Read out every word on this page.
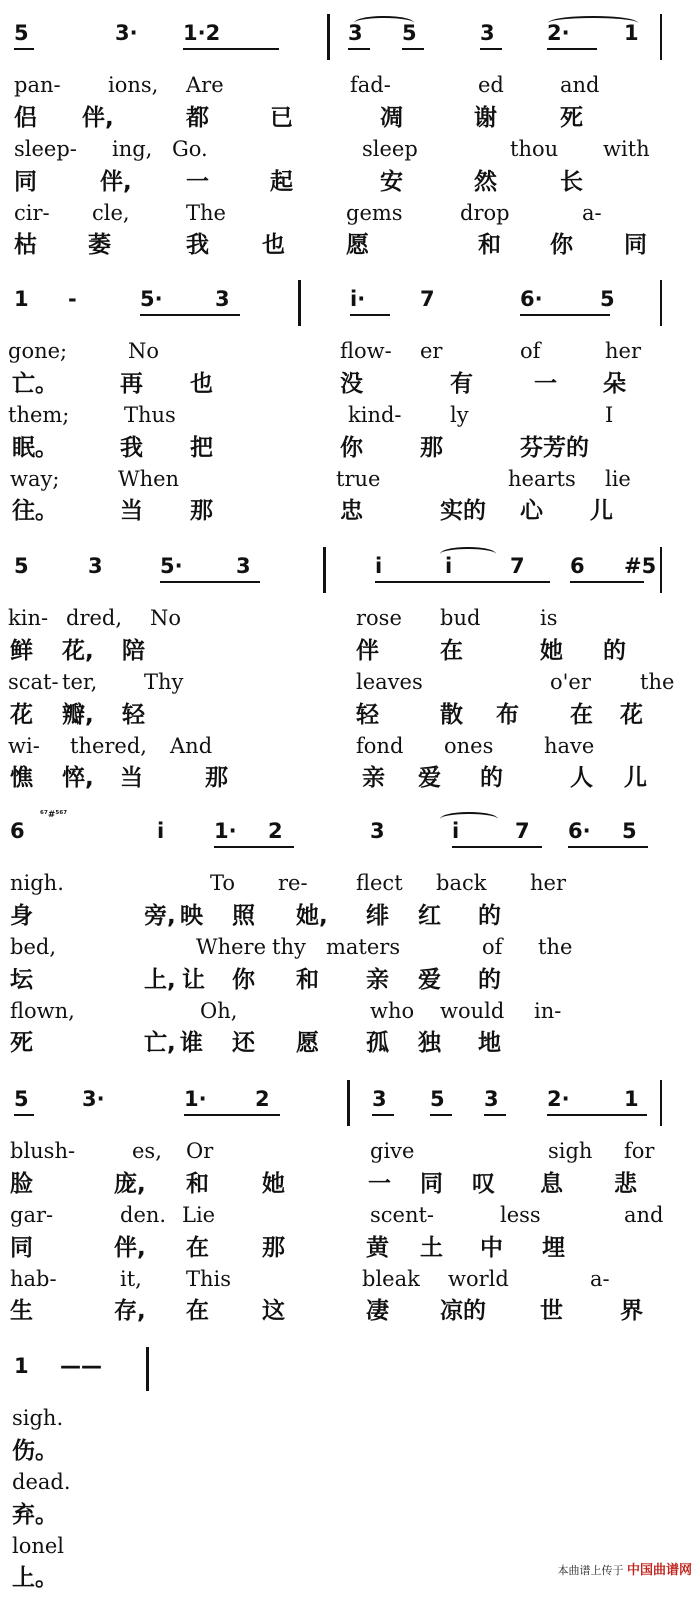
5	3· 1·2	3 5	3 2·	1
pan- ions, Are	fad-	ed	and
侣 伴,	都	已	凋	谢	死
sleep- ing, Go.	sleep	thou with
同	伴, 一	起	安	然	长
cir- cle,	The	gems	drop	a-
枯 萎	我 也	愿	和 你 同
1 -	5· 3	i·	7	6·	5
gone;	No	flow- er	of	her
亡。	再 也	没	有	一 朵
them;	Thus	kind- ly	I
眠。	我 把	你 那	芬芳的
way;	When	true	hearts lie
往。	当 那	忠	实的 心 儿
5	3	5·	3	i	i	7 6 #5
kin- dred, No	rose bud	is
鲜 花, 陪	伴	在	她 的
scat- ter, Thy	leaves	o'er the
花 瓣, 轻	轻	散 布 在 花
wi- thered, And	fond ones have
憔 悴, 当	那	亲 爱 的	人 儿
6	i 1· 2	3	i	7 6· 5
⁶⁷#⁵⁶⁷
nigh.	To re- flect back her
身	旁, 映 照 她, 绯 红 的
bed,	Where thy maters	of the
坛	上, 让 你 和 亲 爱 的
flown,	Oh,	who would in-
死	亡, 谁 还 愿 孤 独 地
5	3·	1· 2	3 5 3 2·	1
blush-	es, Or	give	sigh for
脸	庞, 和 她	一 同 叹 息 悲
gar-	den. Lie	scent-	less	and
同	伴, 在 那	黄 土 中 埋
hab-	it, This	bleak world	a-
生	存, 在 这	凄 凉的 世 界
1 ——
sigh.
伤。
dead.
弃。
lonel
上。	本曲谱上传于 中国曲谱网
